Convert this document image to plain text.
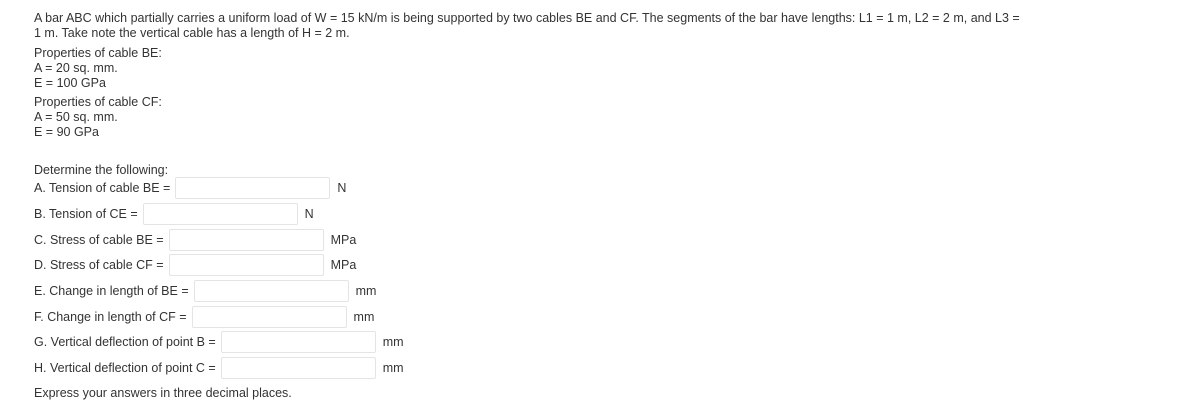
A bar ABC which partially carries a uniform load of W = 15 kN/m is being supported by two cables BE and CF. The segments of the bar have lengths: L1 = 1 m, L2 = 2 m, and L3 =
1 m. Take note the vertical cable has a length of H = 2 m.
Properties of cable BE:
A = 20 sq. mm.
E = 100 GPa
Properties of cable CF:
A = 50 sq. mm.
E = 90 GPa
Determine the following:
A. Tension of cable BE =	N
B. Tension of CE =	N
C. Stress of cable BE =	MPa
D. Stress of cable CF =	MPa
E. Change in length of BE =	mm
F. Change in length of CF =	mm
G. Vertical deflection of point B =	mm
H. Vertical deflection of point C =	mm
Express your answers in three decimal places.
